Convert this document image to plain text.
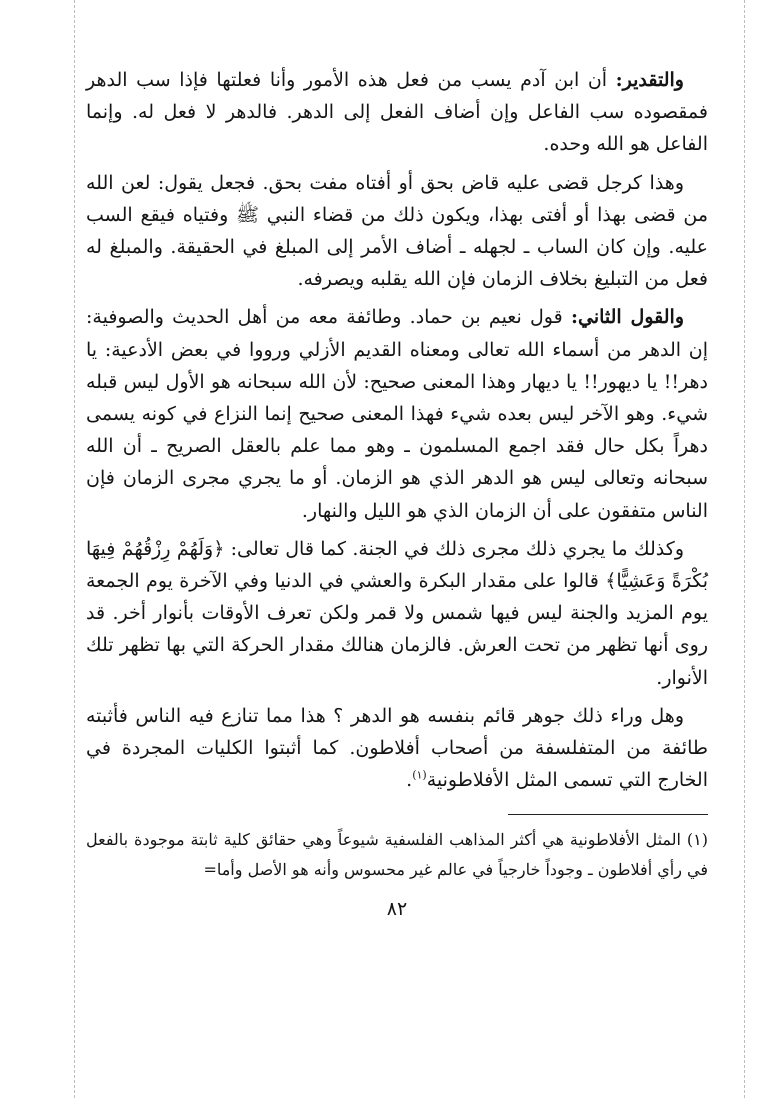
والتقدير: أن ابن آدم يسب من فعل هذه الأمور وأنا فعلتها فإذا سب الدهر فمقصوده سب الفاعل وإن أضاف الفعل إلى الدهر. فالدهر لا فعل له. وإنما الفاعل هو الله وحده.

وهذا كرجل قضى عليه قاض بحق أو أفتاه مفت بحق. فجعل يقول: لعن الله من قضى بهذا أو أفتى بهذا، ويكون ذلك من قضاء النبي ﷺ وفتياه فيقع السب عليه. وإن كان الساب ـ لجهله ـ أضاف الأمر إلى المبلغ في الحقيقة. والمبلغ له فعل من التبليغ بخلاف الزمان فإن الله يقلبه ويصرفه.

والقول الثاني: قول نعيم بن حماد. وطائفة معه من أهل الحديث والصوفية: إن الدهر من أسماء الله تعالى ومعناه القديم الأزلي ورووا في بعض الأدعية: يا دهر!! يا ديهور!! يا ديهار وهذا المعنى صحيح: لأن الله سبحانه هو الأول ليس قبله شيء. وهو الآخر ليس بعده شيء فهذا المعنى صحيح إنما النزاع في كونه يسمى دهراً بكل حال فقد اجمع المسلمون ـ وهو مما علم بالعقل الصريح ـ أن الله سبحانه وتعالى ليس هو الدهر الذي هو الزمان. أو ما يجري مجرى الزمان فإن الناس متفقون على أن الزمان الذي هو الليل والنهار.

وكذلك ما يجري ذلك مجرى ذلك في الجنة. كما قال تعالى: ﴿وَلَهُمْ رِزْقُهُمْ فِيهَا بُكْرَةً وَعَشِيًّا﴾ قالوا على مقدار البكرة والعشي في الدنيا وفي الآخرة يوم الجمعة يوم المزيد والجنة ليس فيها شمس ولا قمر ولكن تعرف الأوقات بأنوار أخر. قد روى أنها تظهر من تحت العرش. فالزمان هنالك مقدار الحركة التي بها تظهر تلك الأنوار.

وهل وراء ذلك جوهر قائم بنفسه هو الدهر ؟ هذا مما تنازع فيه الناس فأثبته طائفة من المتفلسفة من أصحاب أفلاطون. كما أثبتوا الكليات المجردة في الخارج التي تسمى المثل الأفلاطونية$^{(١)}$.

(١) المثل الأفلاطونية هي أكثر المذاهب الفلسفية شيوعاً وهي حقائق كلية ثابتة موجودة بالفعل في رأي أفلاطون ـ وجوداً خارجياً في عالم غير محسوس وأنه هو الأصل وأما=

٨٢
